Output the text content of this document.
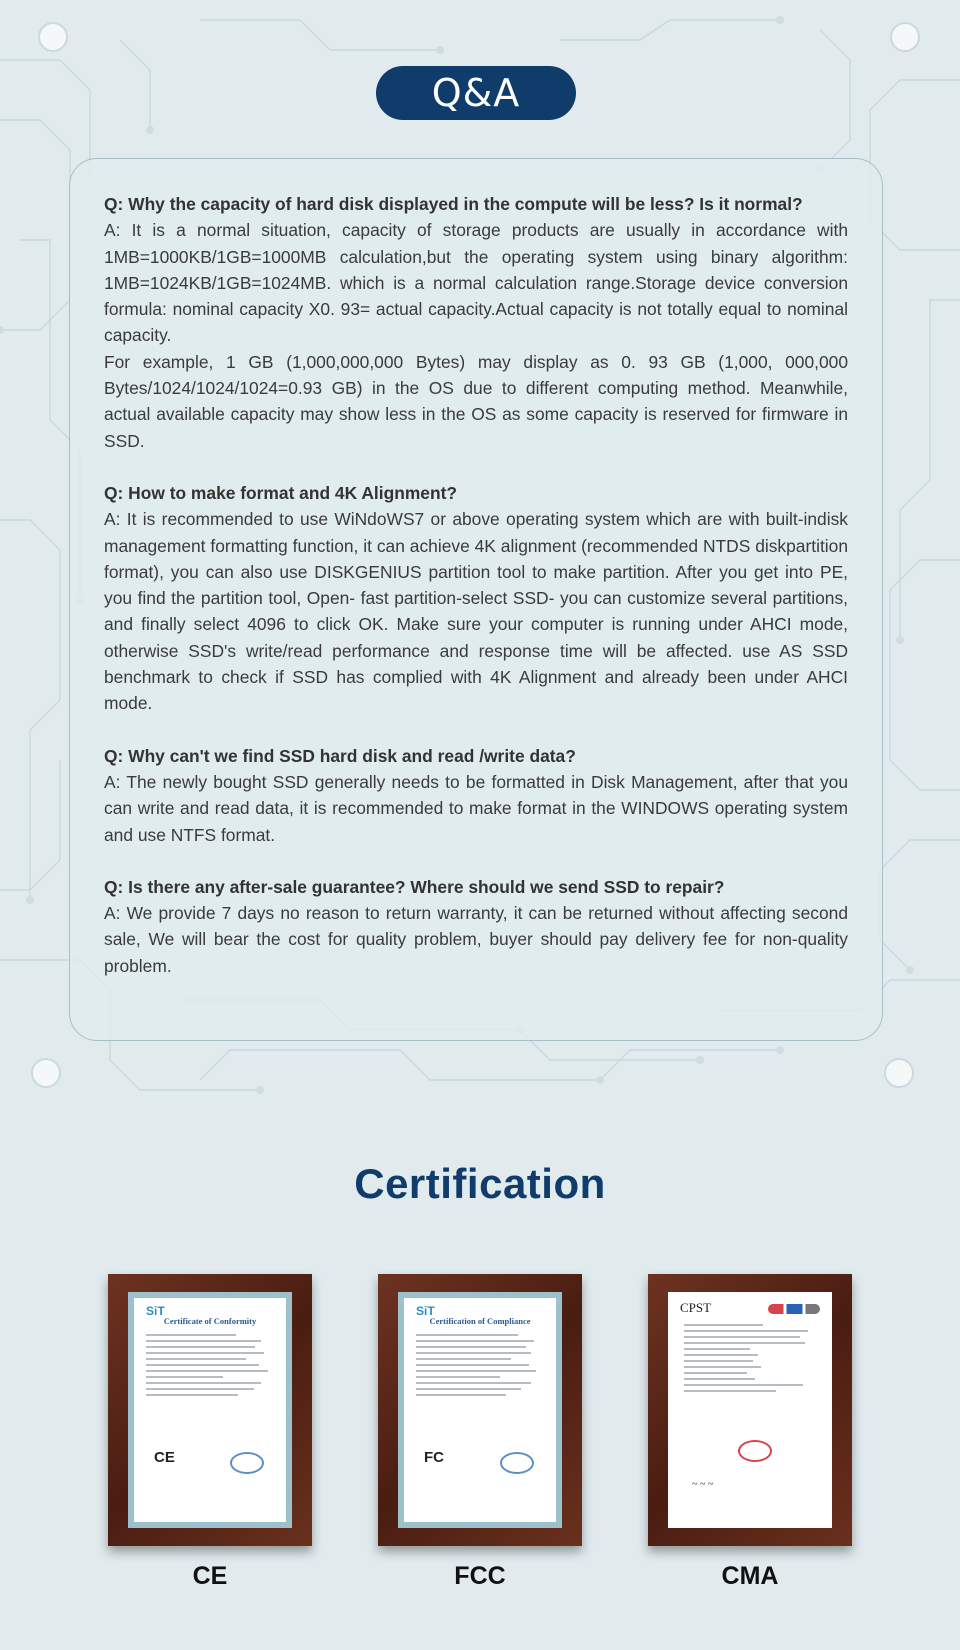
Q&A
Q: Why the capacity of hard disk displayed in the compute will be less? Is it normal?
A: It is a normal situation, capacity of storage products are usually in accordance with 1MB=1000KB/1GB=1000MB calculation,but the operating system using binary algorithm: 1MB=1024KB/1GB=1024MB. which is a normal calculation range.Storage device conversion formula: nominal capacity X0. 93= actual capacity.Actual capacity is not totally equal to nominal capacity.
For example, 1 GB (1,000,000,000 Bytes) may display as 0. 93 GB (1,000, 000,000 Bytes/1024/1024/1024=0.93 GB) in the OS due to different computing method. Meanwhile, actual available capacity may show less in the OS as some capacity is reserved for firmware in SSD.
Q: How to make format and 4K Alignment?
A: It is recommended to use WiNdoWS7 or above operating system which are with built-indisk management formatting function, it can achieve 4K alignment (recommended NTDS diskpartition format), you can also use DISKGENIUS partition tool to make partition. After you get into PE, you find the partition tool, Open- fast partition-select SSD- you can customize several partitions, and finally select 4096 to click OK. Make sure your computer is running under AHCI mode, otherwise SSD's write/read performance and response time will be affected. use AS SSD benchmark to check if SSD has complied with 4K Alignment and already been under AHCI mode.
Q: Why can't we find SSD hard disk and read /write data?
A: The newly bought SSD generally needs to be formatted in Disk Management, after that you can write and read data, it is recommended to make format in the WINDOWS operating system and use NTFS format.
Q: Is there any after-sale guarantee? Where should we send SSD to repair?
A: We provide 7 days no reason to return warranty, it can be returned without affecting second sale, We will bear the cost for quality problem, buyer should pay delivery fee for non-quality problem.
Certification
SiT
Certificate of Conformity
CE
CE
SiT
Certification of Compliance
FC
FCC
CPST
~ ~ ~
CMA
